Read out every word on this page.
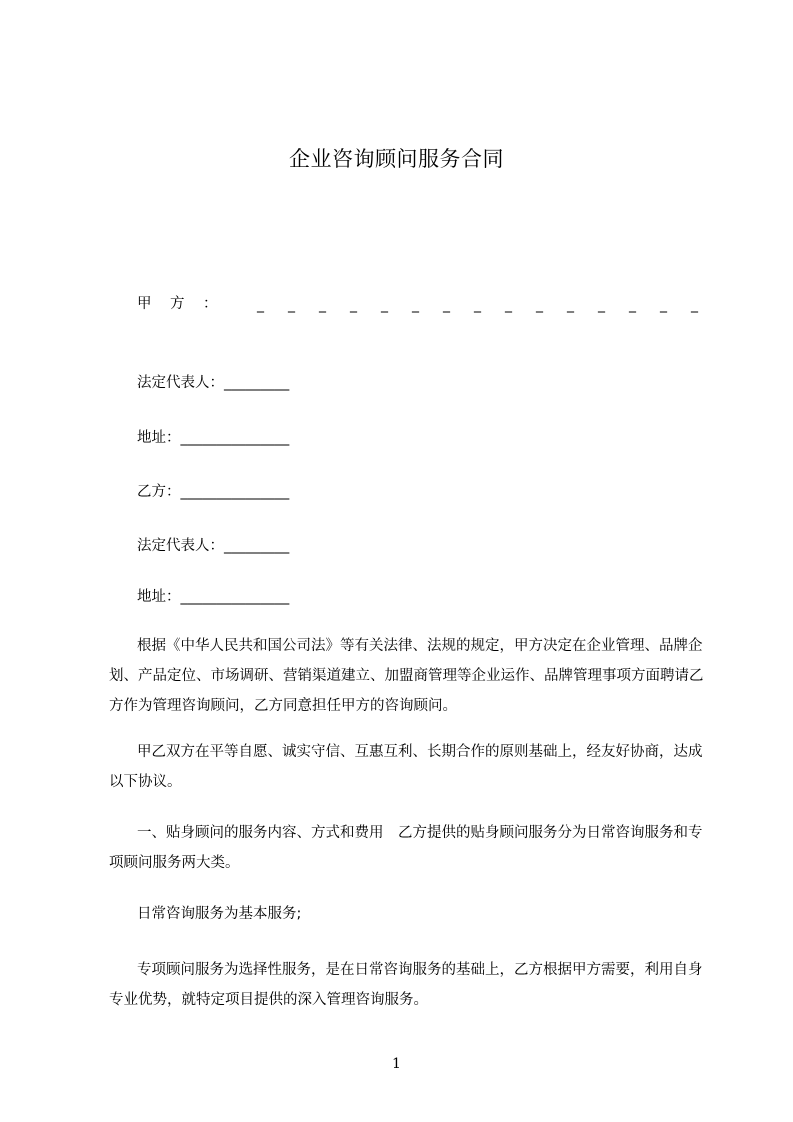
企业咨询顾问服务合同
甲　方　：	_ _ _ _ _ _ _ _ _ _ _ _ _ _ _
法定代表人：_________
地址：_______________
乙方：_______________
法定代表人：_________
地址：_______________
根据《中华人民共和国公司法》等有关法律、法规的规定，甲方决定在企业管理、品牌企划、产品定位、市场调研、营销渠道建立、加盟商管理等企业运作、品牌管理事项方面聘请乙方作为管理咨询顾问，乙方同意担任甲方的咨询顾问。
甲乙双方在平等自愿、诚实守信、互惠互利、长期合作的原则基础上，经友好协商，达成以下协议。
一、贴身顾问的服务内容、方式和费用　乙方提供的贴身顾问服务分为日常咨询服务和专项顾问服务两大类。
日常咨询服务为基本服务;
专项顾问服务为选择性服务，是在日常咨询服务的基础上，乙方根据甲方需要，利用自身专业优势，就特定项目提供的深入管理咨询服务。
1
